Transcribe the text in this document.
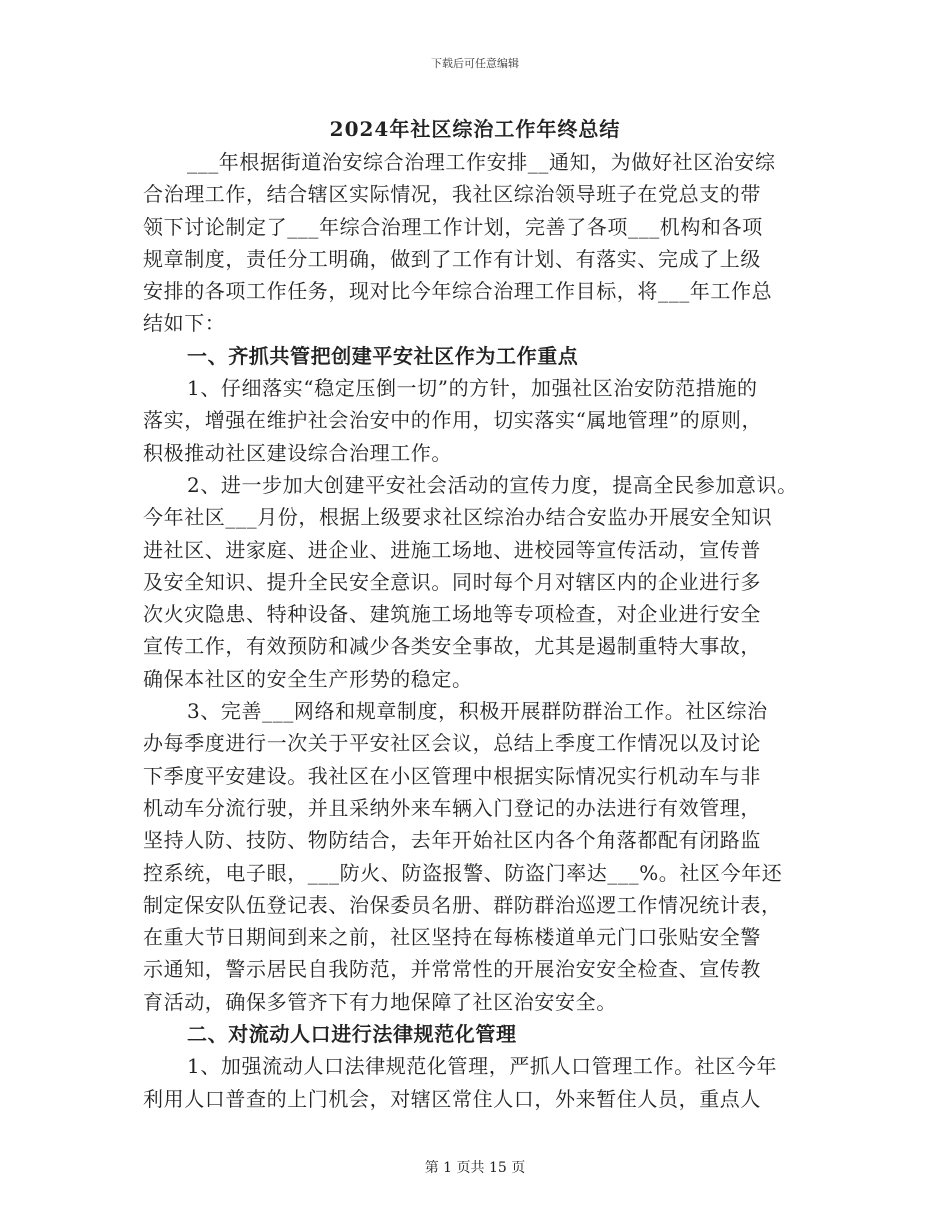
下载后可任意编辑
2024年社区综治工作年终总结
___年根据街道治安综合治理工作安排__通知，为做好社区治安综
合治理工作，结合辖区实际情况，我社区综治领导班子在党总支的带
领下讨论制定了___年综合治理工作计划，完善了各项___机构和各项
规章制度，责任分工明确，做到了工作有计划、有落实、完成了上级
安排的各项工作任务，现对比今年综合治理工作目标，将___年工作总
结如下：
一、齐抓共管把创建平安社区作为工作重点
1、仔细落实“稳定压倒一切”的方针，加强社区治安防范措施的
落实，增强在维护社会治安中的作用，切实落实“属地管理”的原则，
积极推动社区建设综合治理工作。
2、进一步加大创建平安社会活动的宣传力度，提高全民参加意识。
今年社区___月份，根据上级要求社区综治办结合安监办开展安全知识
进社区、进家庭、进企业、进施工场地、进校园等宣传活动，宣传普
及安全知识、提升全民安全意识。同时每个月对辖区内的企业进行多
次火灾隐患、特种设备、建筑施工场地等专项检查，对企业进行安全
宣传工作，有效预防和减少各类安全事故，尤其是遏制重特大事故，
确保本社区的安全生产形势的稳定。
3、完善___网络和规章制度，积极开展群防群治工作。社区综治
办每季度进行一次关于平安社区会议，总结上季度工作情况以及讨论
下季度平安建设。我社区在小区管理中根据实际情况实行机动车与非
机动车分流行驶，并且采纳外来车辆入门登记的办法进行有效管理，
坚持人防、技防、物防结合，去年开始社区内各个角落都配有闭路监
控系统，电子眼，___防火、防盗报警、防盗门率达___%。社区今年还
制定保安队伍登记表、治保委员名册、群防群治巡逻工作情况统计表，
在重大节日期间到来之前，社区坚持在每栋楼道单元门口张贴安全警
示通知，警示居民自我防范，并常常性的开展治安安全检查、宣传教
育活动，确保多管齐下有力地保障了社区治安安全。
二、对流动人口进行法律规范化管理
1、加强流动人口法律规范化管理，严抓人口管理工作。社区今年
利用人口普查的上门机会，对辖区常住人口，外来暂住人员，重点人
第 1 页共 15 页
